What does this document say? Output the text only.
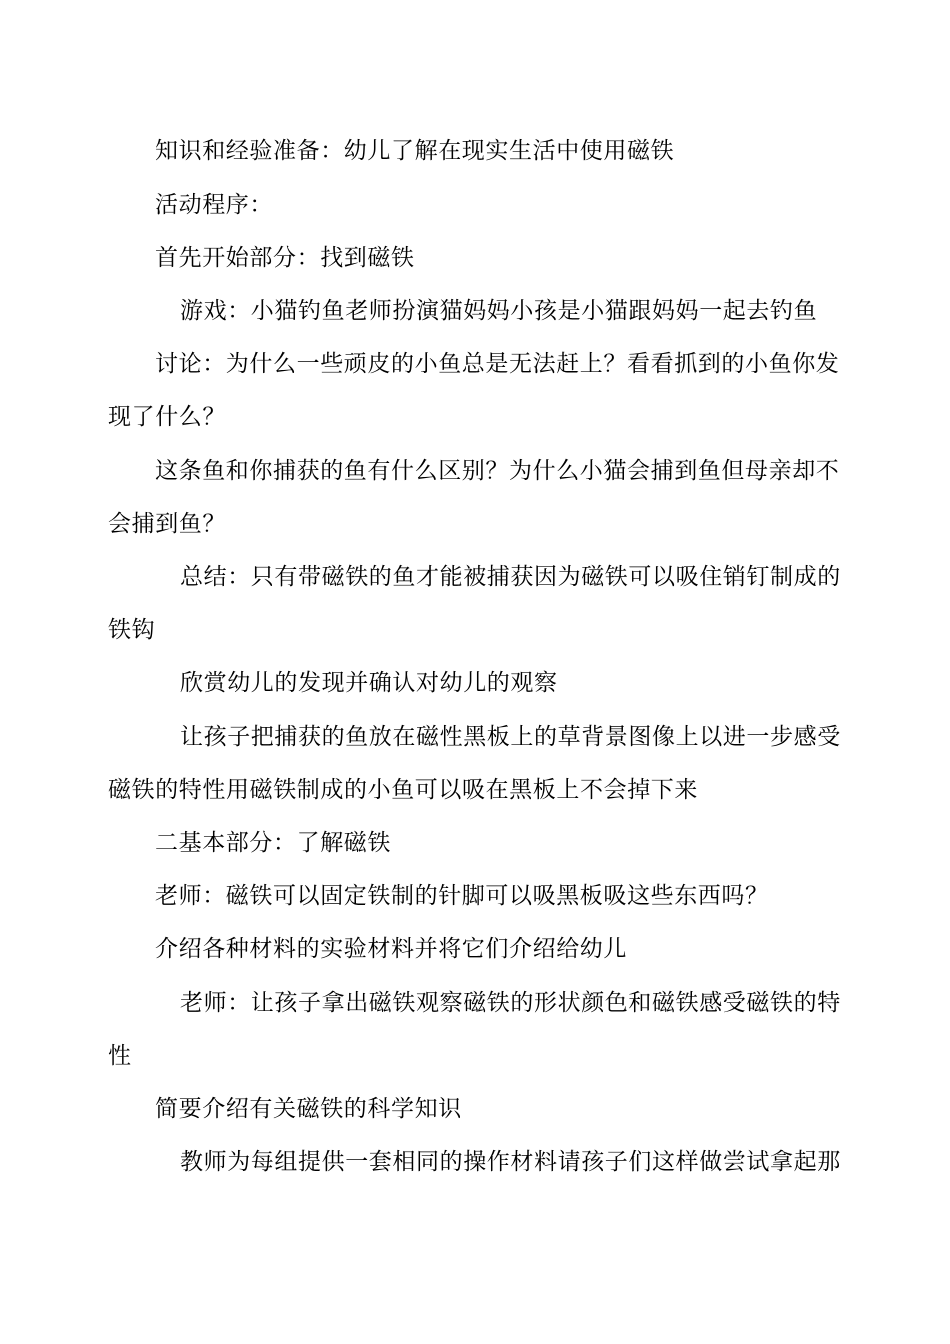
知识和经验准备：幼儿了解在现实生活中使用磁铁
活动程序：
首先开始部分：找到磁铁
游戏：小猫钓鱼老师扮演猫妈妈小孩是小猫跟妈妈一起去钓鱼
讨论：为什么一些顽皮的小鱼总是无法赶上？看看抓到的小鱼你发
现了什么？
这条鱼和你捕获的鱼有什么区别？为什么小猫会捕到鱼但母亲却不
会捕到鱼？
总结：只有带磁铁的鱼才能被捕获因为磁铁可以吸住销钉制成的
铁钩
欣赏幼儿的发现并确认对幼儿的观察
让孩子把捕获的鱼放在磁性黑板上的草背景图像上以进一步感受
磁铁的特性用磁铁制成的小鱼可以吸在黑板上不会掉下来
二基本部分：了解磁铁
老师：磁铁可以固定铁制的针脚可以吸黑板吸这些东西吗？
介绍各种材料的实验材料并将它们介绍给幼儿
老师：让孩子拿出磁铁观察磁铁的形状颜色和磁铁感受磁铁的特
性
简要介绍有关磁铁的科学知识
教师为每组提供一套相同的操作材料请孩子们这样做尝试拿起那
